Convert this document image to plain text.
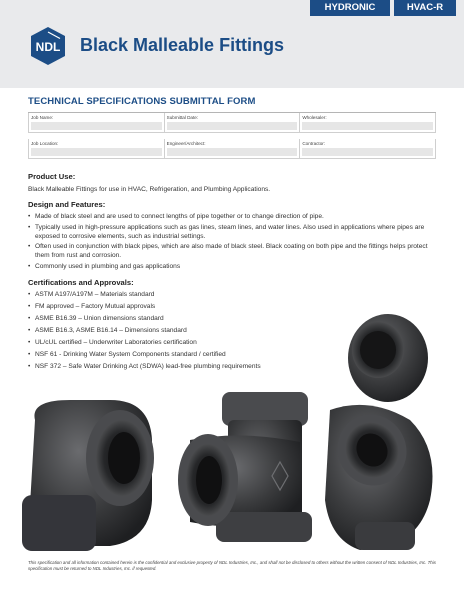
HYDRONIC	HVAC-R
NDL Black Malleable Fittings
TECHNICAL SPECIFICATIONS SUBMITTAL FORM
Job Name:	Submittal Date:	Wholesaler:
Job Location:	Engineer/Architect:	Contractor:
Product Use:
Black Malleable Fittings for use in HVAC, Refrigeration, and Plumbing Applications.
Design and Features:
• Made of black steel and are used to connect lengths of pipe together or to change direction of pipe.
• Typically used in high-pressure applications such as gas lines, steam lines, and water lines. Also used in applications where pipes are exposed to corrosive elements, such as industrial settings.
• Often used in conjunction with black pipes, which are also made of black steel. Black coating on both pipe and the fittings helps protect them from rust and corrosion.
• Commonly used in plumbing and gas applications
Certifications and Approvals:
• ASTM A197/A197M – Materials standard
• FM approved – Factory Mutual approvals
• ASME B16.39 – Union dimensions standard
• ASME B16.3, ASME B16.14 – Dimensions standard
• UL/cUL certified – Underwriter Laboratories certification
• NSF 61 - Drinking Water System Components standard / certified
• NSF 372 – Safe Water Drinking Act (SDWA) lead-free plumbing requirements
This specification and all information contained herein is the confidential and exclusive property of NDL Industries, Inc., and shall not be disclosed to others without the written consent of NDL Industries, Inc. This specification must be returned to NDL Industries, Inc. if requested.
